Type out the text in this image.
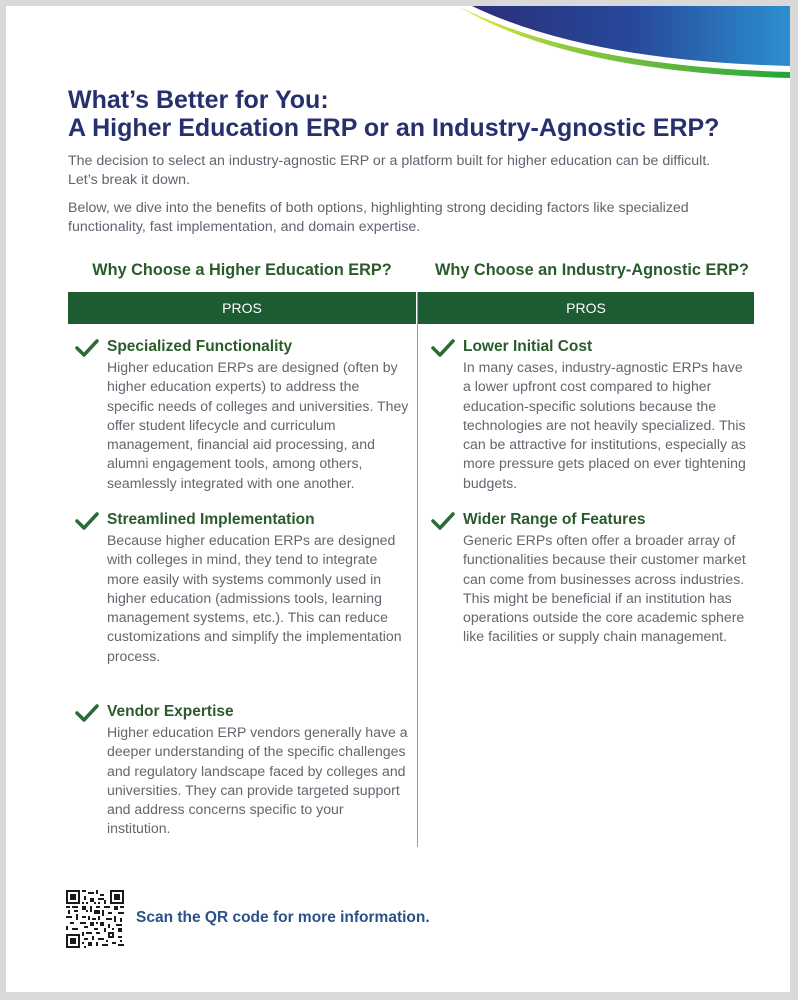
What’s Better for You:
A Higher Education ERP or an Industry-Agnostic ERP?

The decision to select an industry-agnostic ERP or a platform built for higher education can be difficult. Let’s break it down.

Below, we dive into the benefits of both options, highlighting strong deciding factors like specialized functionality, fast implementation, and domain expertise.

Why Choose a Higher Education ERP?	Why Choose an Industry-Agnostic ERP?
PROS	PROS
Specialized Functionality

Higher education ERPs are designed (often by higher education experts) to address the specific needs of colleges and universities. They offer student lifecycle and curriculum management, financial aid processing, and alumni engagement tools, among others, seamlessly integrated with one another.

Streamlined Implementation

Because higher education ERPs are designed with colleges in mind, they tend to integrate more easily with systems commonly used in higher education (admissions tools, learning management systems, etc.). This can reduce customizations and simplify the implementation process.

Vendor Expertise

Higher education ERP vendors generally have a deeper understanding of the specific challenges and regulatory landscape faced by colleges and universities. They can provide targeted support and address concerns specific to your institution.

Lower Initial Cost

In many cases, industry-agnostic ERPs have a lower upfront cost compared to higher education-specific solutions because the technologies are not heavily specialized. This can be attractive for institutions, especially as more pressure gets placed on ever tightening budgets.

Wider Range of Features

Generic ERPs often offer a broader array of functionalities because their customer market can come from businesses across industries. This might be beneficial if an institution has operations outside the core academic sphere like facilities or supply chain management.

Scan the QR code for more information.
